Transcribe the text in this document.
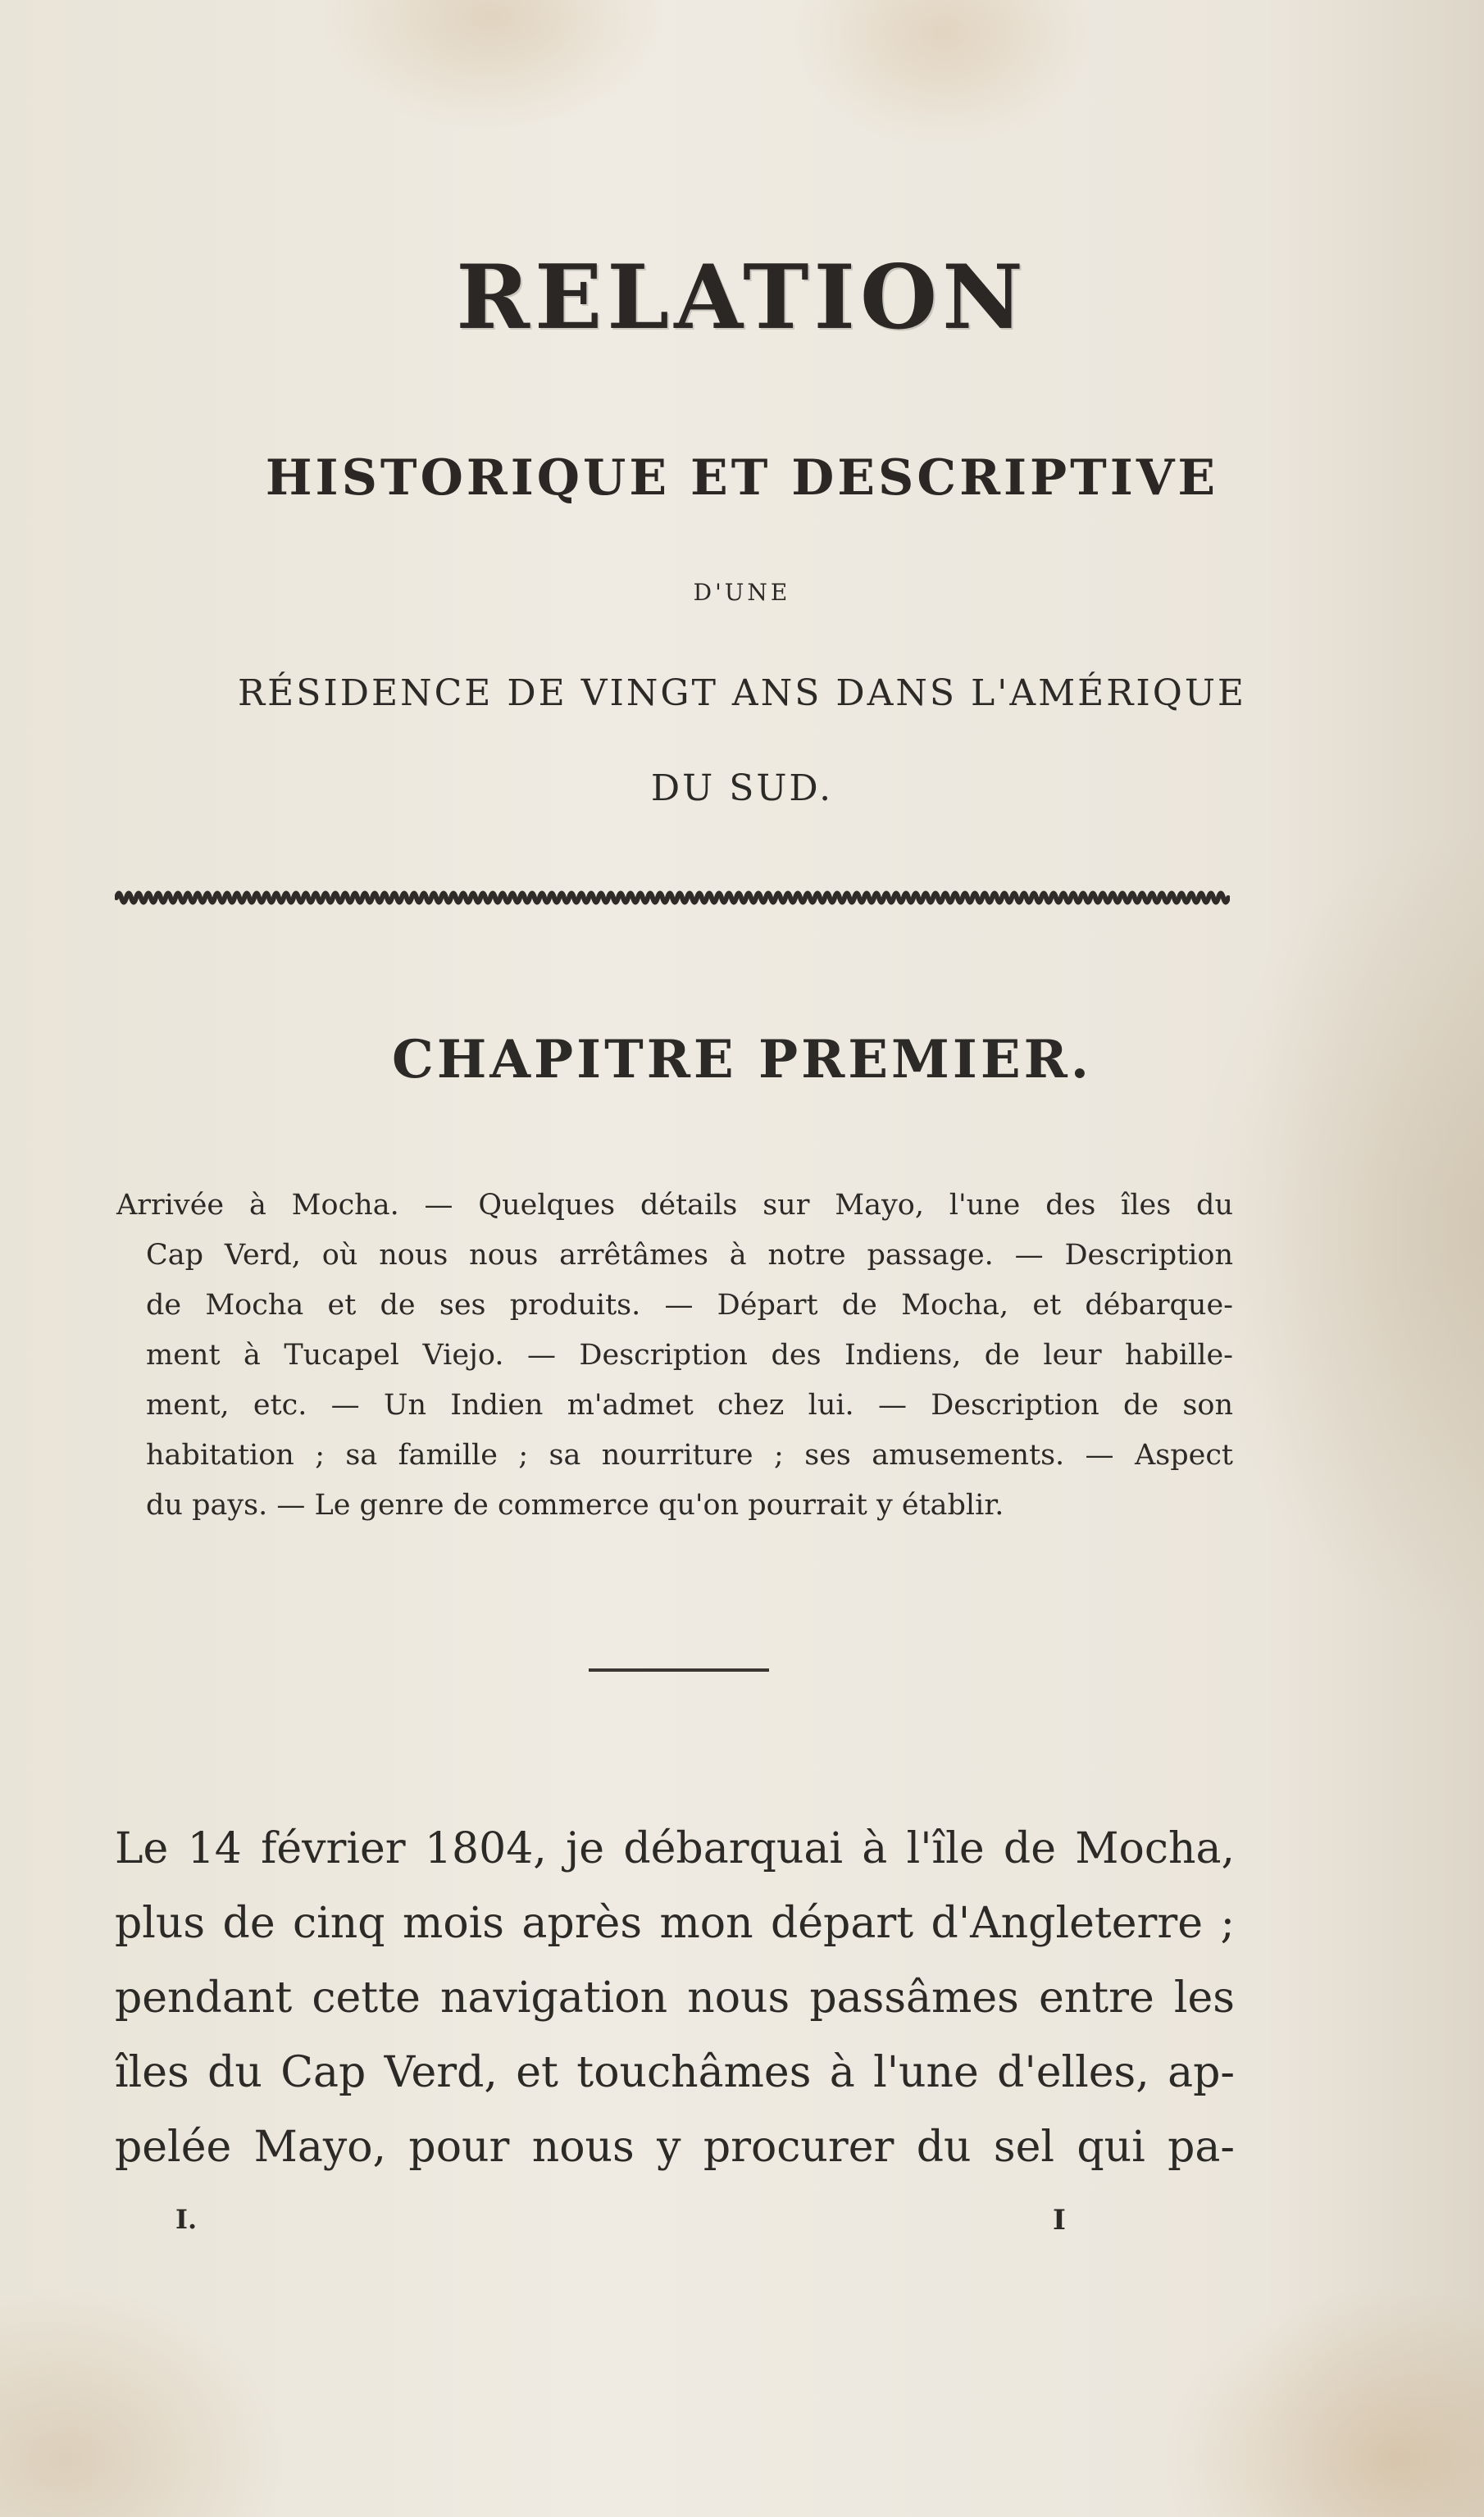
RELATION
HISTORIQUE ET DESCRIPTIVE
D'UNE
RÉSIDENCE DE VINGT ANS DANS L'AMÉRIQUE
DU SUD.
CHAPITRE PREMIER.
Arrivée à Mocha. — Quelques détails sur Mayo, l'une des îles du
Cap Verd, où nous nous arrêtâmes à notre passage. — Description
de Mocha et de ses produits. — Départ de Mocha, et débarque-
ment à Tucapel Viejo. — Description des Indiens, de leur habille-
ment, etc. — Un Indien m'admet chez lui. — Description de son
habitation ; sa famille ; sa nourriture ; ses amusements. — Aspect
du pays. — Le genre de commerce qu'on pourrait y établir.
Le 14 février 1804, je débarquai à l'île de Mocha,
plus de cinq mois après mon départ d'Angleterre ;
pendant cette navigation nous passâmes entre les
îles du Cap Verd, et touchâmes à l'une d'elles, ap-
pelée Mayo, pour nous y procurer du sel qui pa-
I.	I
